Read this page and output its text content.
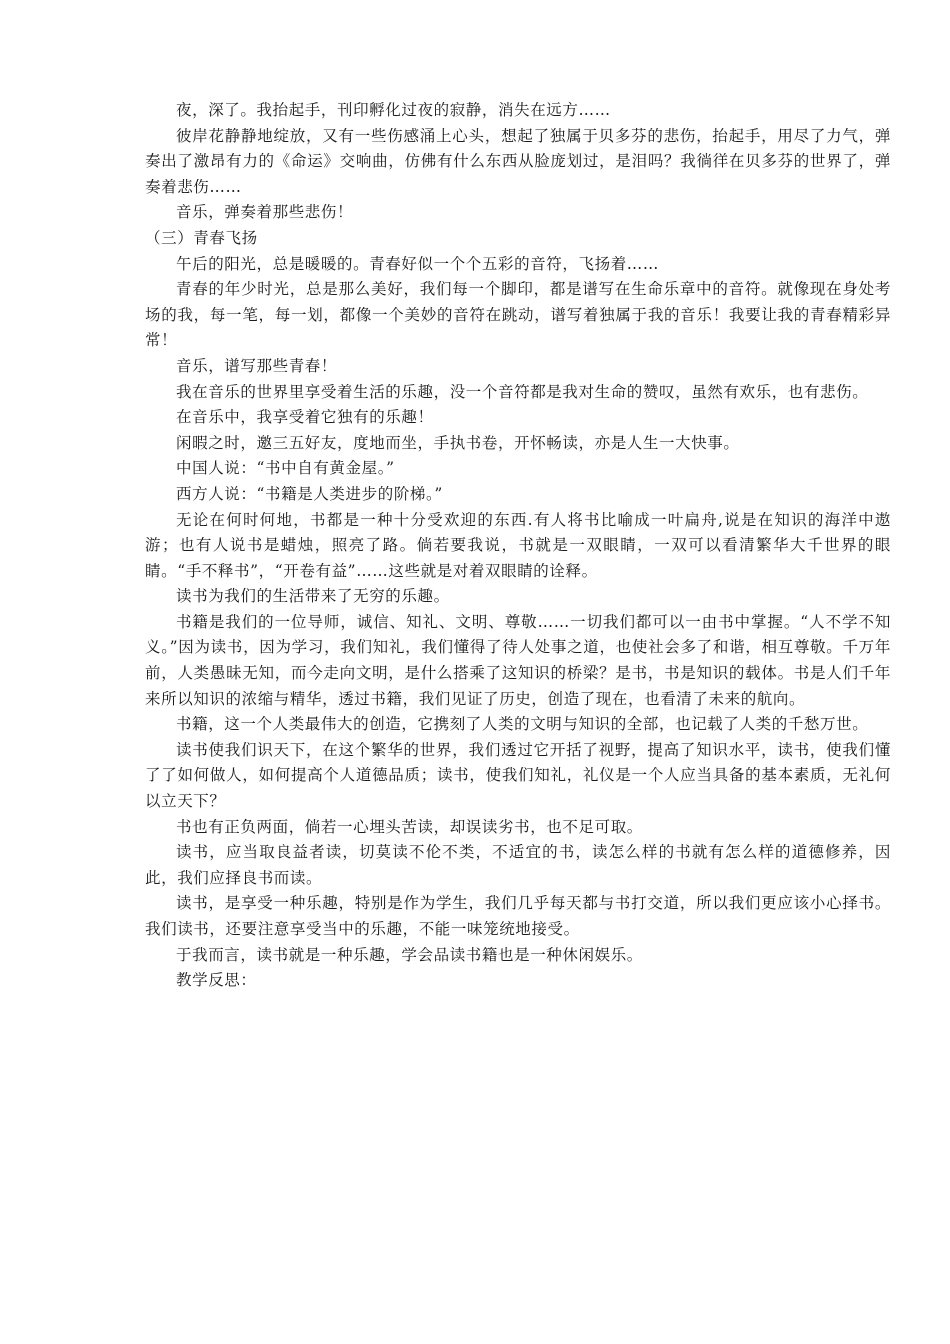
夜，深了。我抬起手，刊印孵化过夜的寂静，消失在远方……

彼岸花静静地绽放，又有一些伤感涌上心头，想起了独属于贝多芬的悲伤，抬起手，用尽了力气，弹奏出了激昂有力的《命运》交响曲，仿佛有什么东西从脸庞划过，是泪吗？我徜徉在贝多芬的世界了，弹奏着悲伤……

音乐，弹奏着那些悲伤！

（三）青春飞扬

午后的阳光，总是暖暖的。青春好似一个个五彩的音符，飞扬着……

青春的年少时光，总是那么美好，我们每一个脚印，都是谱写在生命乐章中的音符。就像现在身处考场的我，每一笔，每一划，都像一个美妙的音符在跳动，谱写着独属于我的音乐！我要让我的青春精彩异常！

音乐，谱写那些青春！

我在音乐的世界里享受着生活的乐趣，没一个音符都是我对生命的赞叹，虽然有欢乐，也有悲伤。

在音乐中，我享受着它独有的乐趣！

闲暇之时，邀三五好友，度地而坐，手执书卷，开怀畅读，亦是人生一大快事。

中国人说：“书中自有黄金屋。”

西方人说：“书籍是人类进步的阶梯。”

无论在何时何地，书都是一种十分受欢迎的东西.有人将书比喻成一叶扁舟,说是在知识的海洋中遨游；也有人说书是蜡烛，照亮了路。倘若要我说，书就是一双眼睛，一双可以看清繁华大千世界的眼睛。“手不释书”，“开卷有益”……这些就是对着双眼睛的诠释。

读书为我们的生活带来了无穷的乐趣。

书籍是我们的一位导师，诚信、知礼、文明、尊敬……一切我们都可以一由书中掌握。“人不学不知义。”因为读书，因为学习，我们知礼，我们懂得了待人处事之道，也使社会多了和谐，相互尊敬。千万年前，人类愚昧无知，而今走向文明，是什么搭乘了这知识的桥梁？是书，书是知识的载体。书是人们千年来所以知识的浓缩与精华，透过书籍，我们见证了历史，创造了现在，也看清了未来的航向。

书籍，这一个人类最伟大的创造，它携刻了人类的文明与知识的全部，也记载了人类的千愁万世。

读书使我们识天下，在这个繁华的世界，我们透过它开括了视野，提高了知识水平，读书，使我们懂了了如何做人，如何提高个人道德品质；读书，使我们知礼，礼仪是一个人应当具备的基本素质，无礼何以立天下？

书也有正负两面，倘若一心埋头苦读，却误读劣书，也不足可取。

读书，应当取良益者读，切莫读不伦不类，不适宜的书，读怎么样的书就有怎么样的道德修养，因此，我们应择良书而读。

读书，是享受一种乐趣，特别是作为学生，我们几乎每天都与书打交道，所以我们更应该小心择书。我们读书，还要注意享受当中的乐趣，不能一味笼统地接受。

于我而言，读书就是一种乐趣，学会品读书籍也是一种休闲娱乐。

教学反思：
